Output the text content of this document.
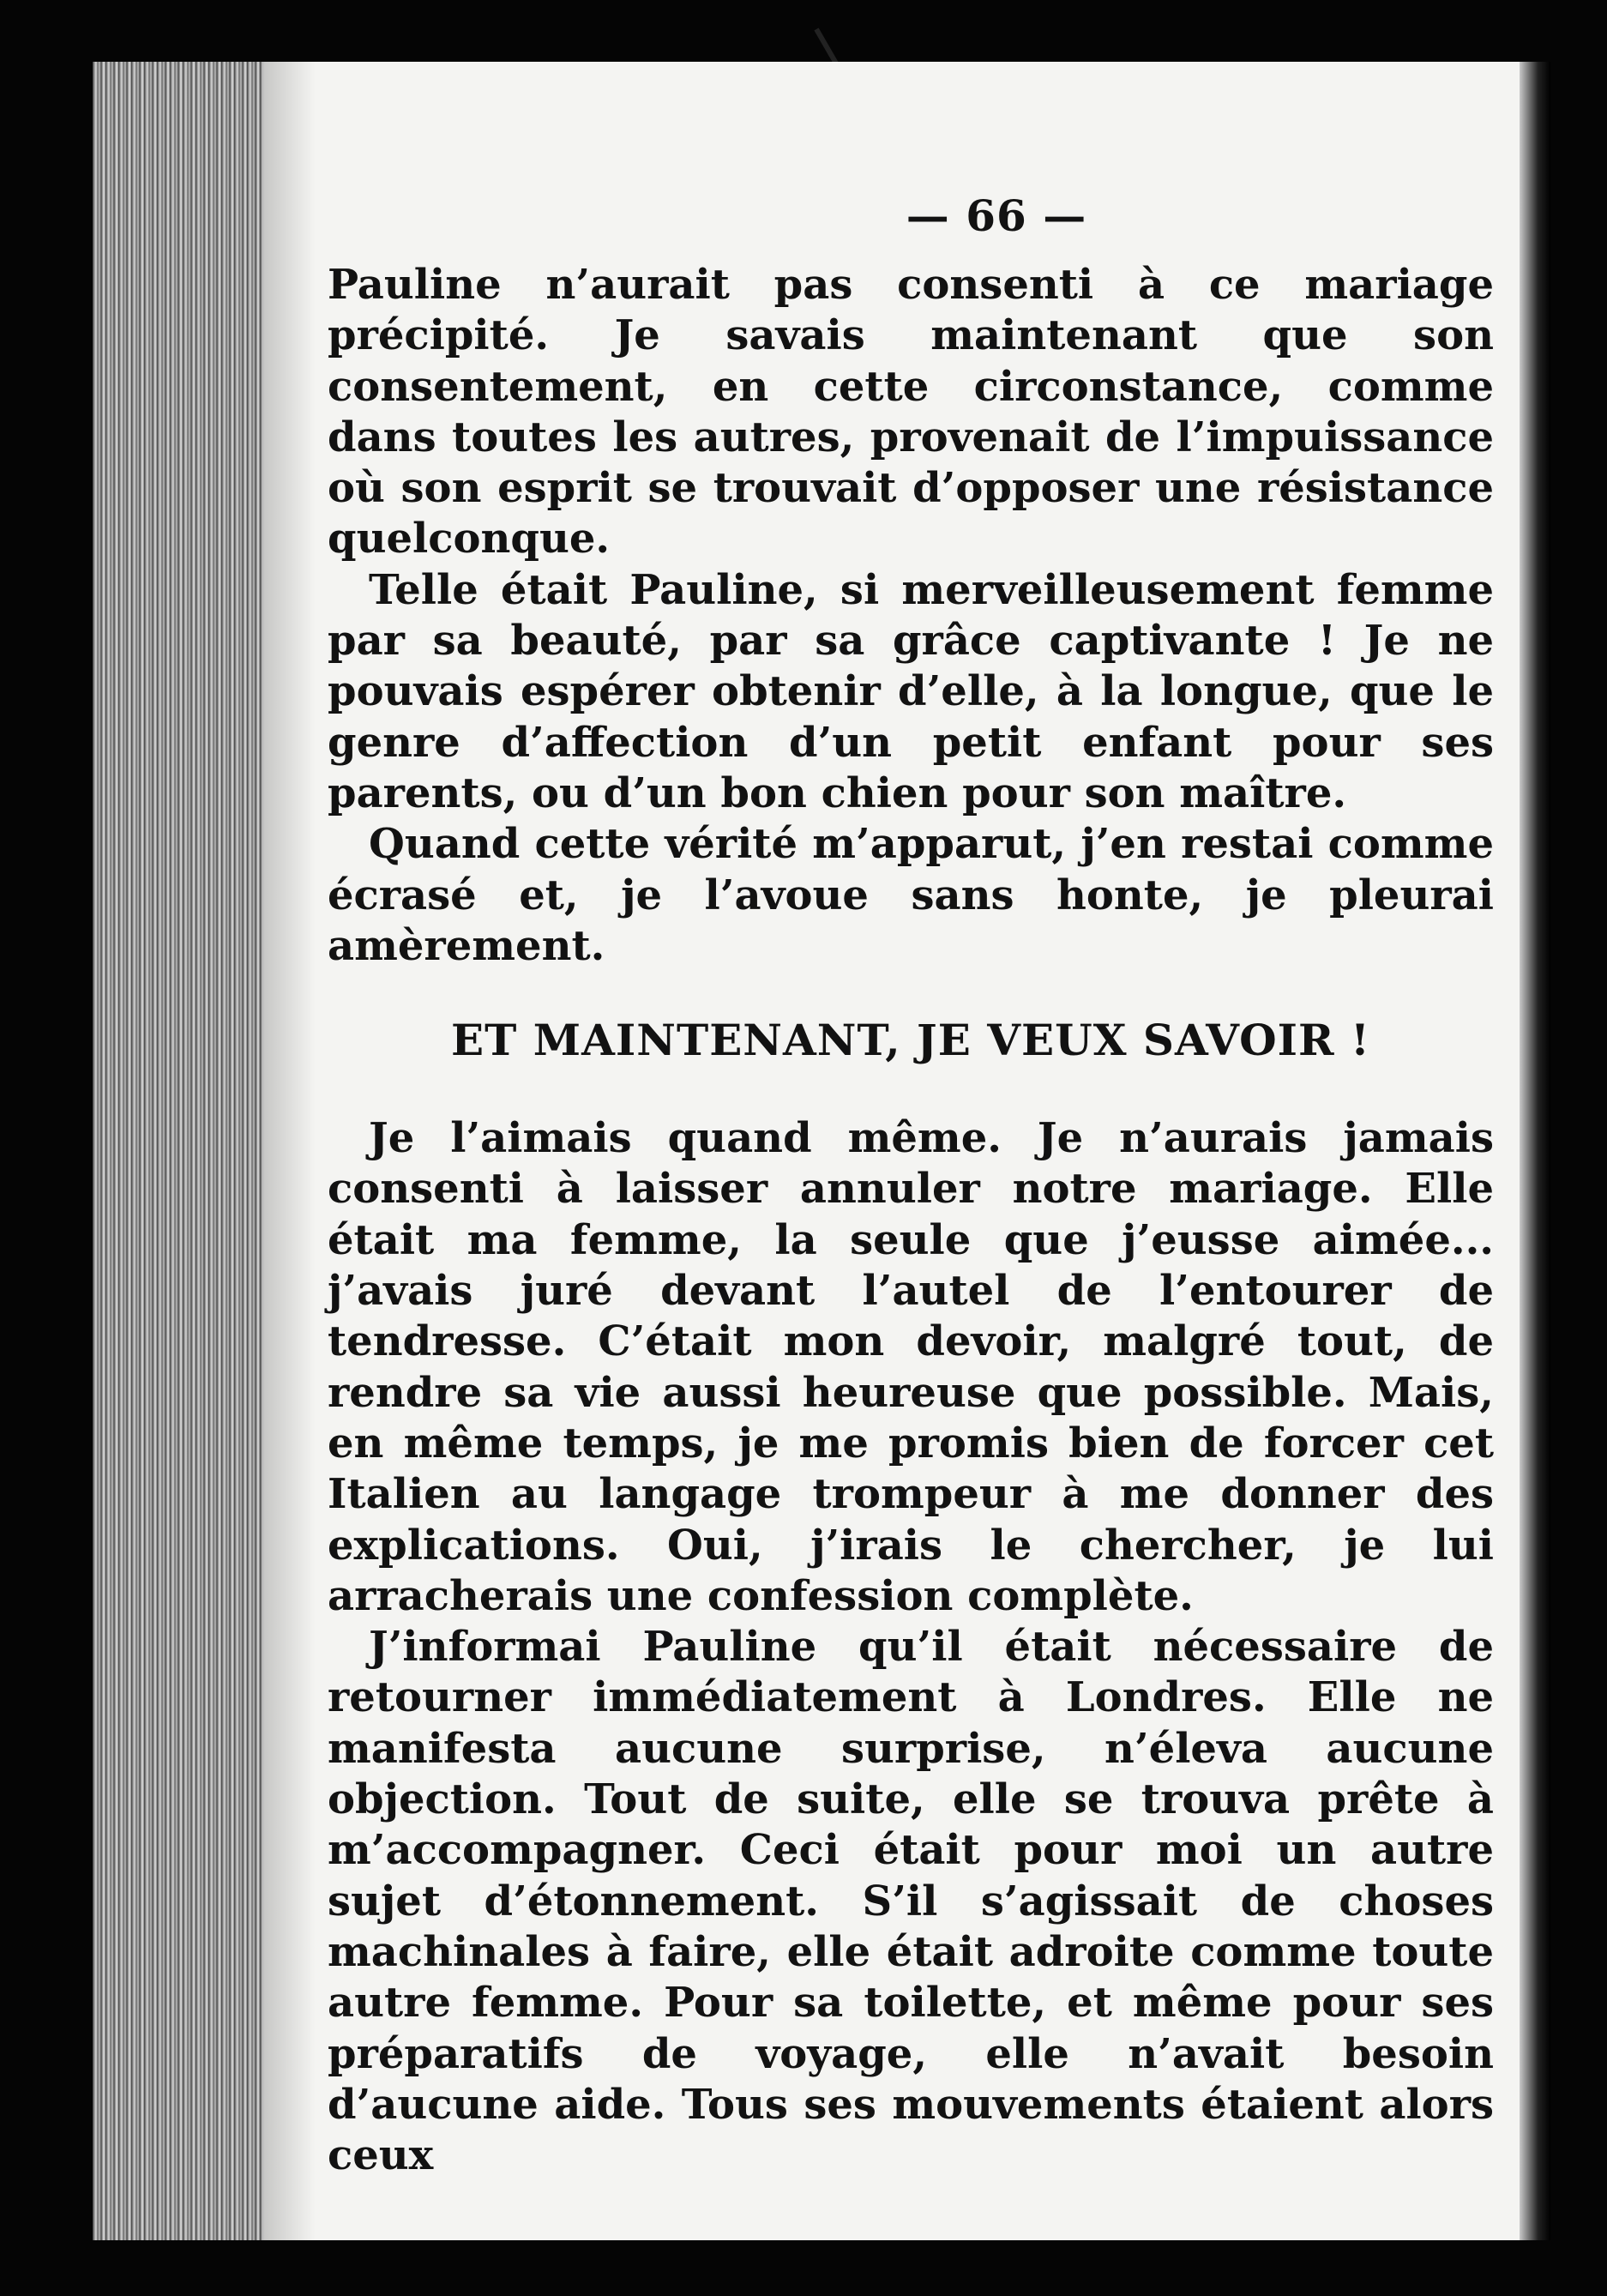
— 66 —

Pauline n’aurait pas consenti à ce mariage précipité. Je savais maintenant que son consentement, en cette circonstance, comme dans toutes les autres, provenait de l’impuissance où son esprit se trouvait d’opposer une résistance quelconque.

Telle était Pauline, si merveilleusement femme par sa beauté, par sa grâce captivante ! Je ne pouvais espérer obtenir d’elle, à la longue, que le genre d’affection d’un petit enfant pour ses parents, ou d’un bon chien pour son maître.

Quand cette vérité m’apparut, j’en restai comme écrasé et, je l’avoue sans honte, je pleurai amèrement.

ET MAINTENANT, JE VEUX SAVOIR !

Je l’aimais quand même. Je n’aurais jamais consenti à laisser annuler notre mariage. Elle était ma femme, la seule que j’eusse aimée... j’avais juré devant l’autel de l’entourer de tendresse. C’était mon devoir, malgré tout, de rendre sa vie aussi heureuse que possible. Mais, en même temps, je me promis bien de forcer cet Italien au langage trompeur à me donner des explications. Oui, j’irais le chercher, je lui arracherais une confession complète.

J’informai Pauline qu’il était nécessaire de retourner immédiatement à Londres. Elle ne manifesta aucune surprise, n’éleva aucune objection. Tout de suite, elle se trouva prête à m’accompagner. Ceci était pour moi un autre sujet d’étonnement. S’il s’agissait de choses machinales à faire, elle était adroite comme toute autre femme. Pour sa toilette, et même pour ses préparatifs de voyage, elle n’avait besoin d’aucune aide. Tous ses mouvements étaient alors ceux
